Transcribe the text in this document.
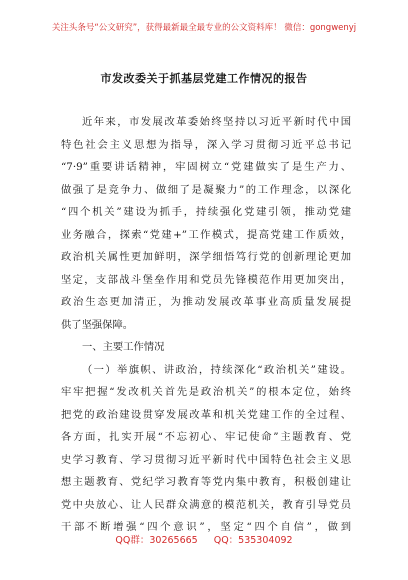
关注头条号“公文研究”，获得最新最全最专业的公文资料库！ 微信：gongwenyj
市发改委关于抓基层党建工作情况的报告
近年来，市发展改革委始终坚持以习近平新时代中国
特色社会主义思想为指导，深入学习贯彻习近平总书记
“7·9”重要讲话精神，牢固树立“党建做实了是生产力、
做强了是竞争力、做细了是凝聚力”的工作理念，以深化
“四个机关”建设为抓手，持续强化党建引领，推动党建
业务融合，探索“党建+”工作模式，提高党建工作质效，
政治机关属性更加鲜明，深学细悟笃行党的创新理论更加
坚定，支部战斗堡垒作用和党员先锋模范作用更加突出，
政治生态更加清正，为推动发展改革事业高质量发展提
供了坚强保障。
一、主要工作情况
（一）举旗帜、讲政治，持续深化“政治机关”建设。
牢牢把握“发改机关首先是政治机关”的根本定位，始终
把党的政治建设贯穿发展改革和机关党建工作的全过程、
各方面，扎实开展“不忘初心、牢记使命”主题教育、党
史学习教育、学习贯彻习近平新时代中国特色社会主义思
想主题教育、党纪学习教育等党内集中教育，积极创建让
党中央放心、让人民群众满意的模范机关，教育引导党员
干部不断增强“四个意识”，坚定“四个自信”，做到
QQ群：30265665 QQ：535304092
